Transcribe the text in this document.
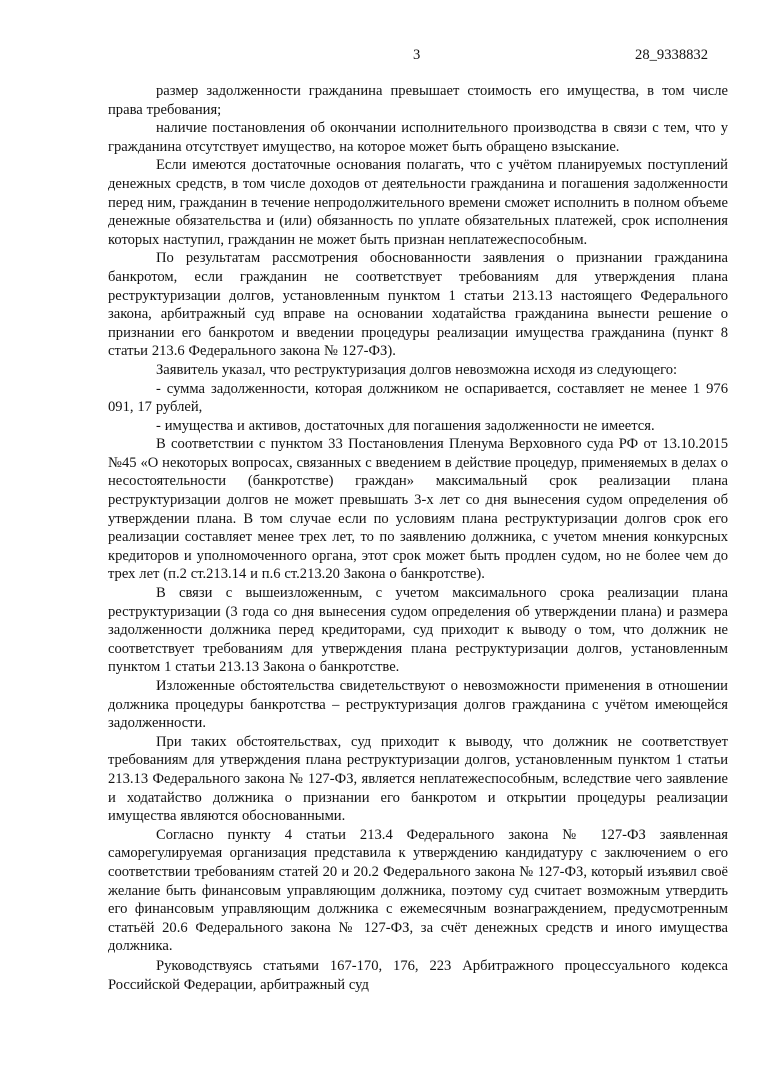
3	28_9338832

размер задолженности гражданина превышает стоимость его имущества, в том числе права требования;

наличие постановления об окончании исполнительного производства в связи с тем, что у гражданина отсутствует имущество, на которое может быть обращено взыскание.

Если имеются достаточные основания полагать, что с учётом планируемых поступлений денежных средств, в том числе доходов от деятельности гражданина и погашения задолженности перед ним, гражданин в течение непродолжительного времени сможет исполнить в полном объеме денежные обязательства и (или) обязанность по уплате обязательных платежей, срок исполнения которых наступил, гражданин не может быть признан неплатежеспособным.

По результатам рассмотрения обоснованности заявления о признании гражданина банкротом, если гражданин не соответствует требованиям для утверждения плана реструктуризации долгов, установленным пунктом 1 статьи 213.13 настоящего Федерального закона, арбитражный суд вправе на основании ходатайства гражданина вынести решение о признании его банкротом и введении процедуры реализации имущества гражданина (пункт 8 статьи 213.6 Федерального закона № 127-ФЗ).

Заявитель указал, что реструктуризация долгов невозможна исходя из следующего:

- сумма задолженности, которая должником не оспаривается, составляет не менее 1 976 091, 17 рублей,

- имущества и активов, достаточных для погашения задолженности не имеется.

В соответствии с пунктом 33 Постановления Пленума Верховного суда РФ от 13.10.2015 №45 «О некоторых вопросах, связанных с введением в действие процедур, применяемых в делах о несостоятельности (банкротстве) граждан» максимальный срок реализации плана реструктуризации долгов не может превышать 3-х лет со дня вынесения судом определения об утверждении плана. В том случае если по условиям плана реструктуризации долгов срок его реализации составляет менее трех лет, то по заявлению должника, с учетом мнения конкурсных кредиторов и уполномоченного органа, этот срок может быть продлен судом, но не более чем до трех лет (п.2 ст.213.14 и п.6 ст.213.20 Закона о банкротстве).

В связи с вышеизложенным, с учетом максимального срока реализации плана реструктуризации (3 года со дня вынесения судом определения об утверждении плана) и размера задолженности должника перед кредиторами, суд приходит к выводу о том, что должник не соответствует требованиям для утверждения плана реструктуризации долгов, установленным пунктом 1 статьи 213.13 Закона о банкротстве.

Изложенные обстоятельства свидетельствуют о невозможности применения в отношении должника процедуры банкротства – реструктуризация долгов гражданина с учётом имеющейся задолженности.

При таких обстоятельствах, суд приходит к выводу, что должник не соответствует требованиям для утверждения плана реструктуризации долгов, установленным пунктом 1 статьи 213.13 Федерального закона № 127-ФЗ, является неплатежеспособным, вследствие чего заявление и ходатайство должника о признании его банкротом и открытии процедуры реализации имущества являются обоснованными.

Согласно пункту 4 статьи 213.4 Федерального закона № 127-ФЗ заявленная саморегулируемая организация представила к утверждению кандидатуру с заключением о его соответствии требованиям статей 20 и 20.2 Федерального закона № 127-ФЗ, который изъявил своё желание быть финансовым управляющим должника, поэтому суд считает возможным утвердить его финансовым управляющим должника с ежемесячным вознаграждением, предусмотренным статьёй 20.6 Федерального закона № 127-ФЗ, за счёт денежных средств и иного имущества должника.

Руководствуясь статьями 167-170, 176, 223 Арбитражного процессуального кодекса Российской Федерации, арбитражный суд
